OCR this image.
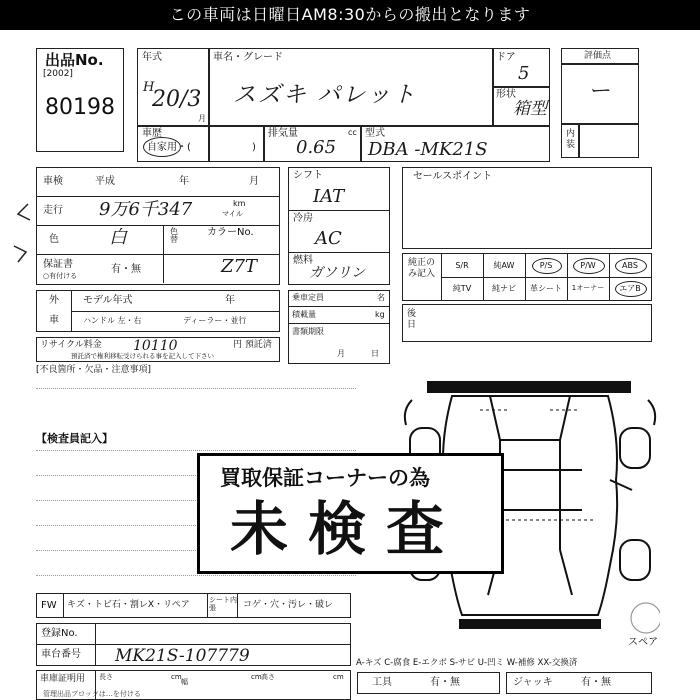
この車両は日曜日AM8:30からの搬出となります
出品No.
[2002]
80198
年式
H
20/3
月
車名・グレード
スズキ パレット
ドア
5
形状
箱型
車歴
自家用・(	)
排気量	cc
0.65
型式
DBA -MK21S
評価点
ー
内装
車検	平成	年	月
走行 9万6千347	km
マイル
色	白	色替
カラーNo.
保証書
○有付ける
有・無	Z7T
シフト
IAT
冷房
AC
燃料
ガソリン
セールスポイント
純正のみ記入
S/R	純AW	P/S	P/W	ABS
純TV	純ナビ	革シート	1オーナー	エアB
外
車
モデル年式	年
ハンドル 左・右	ディーラー・並行
乗車定員	名
積載量	kg
書類期限
月日
後日
リサイクル料金 10110	円 預託済
預託済で権利移転受けられる事を記入して下さい
[不良箇所・欠品・注意事項]
【検査員記入】
スペア
買取保証コーナーの為
未検査
FW キズ・トビ石・割レX・リペア	シート内張	コゲ・穴・汚レ・破レ
登録No.
車台番号 MK21S-107779
車庫証明用 長さ	cm
幅
cm 高さ	cm
管理出品ブロックは…を付ける
A-キズ C-腐食 E-エクボ S-サビ U-凹ミ W-補修 XX-交換済
工具	有・無	ジャッキ	有・無
